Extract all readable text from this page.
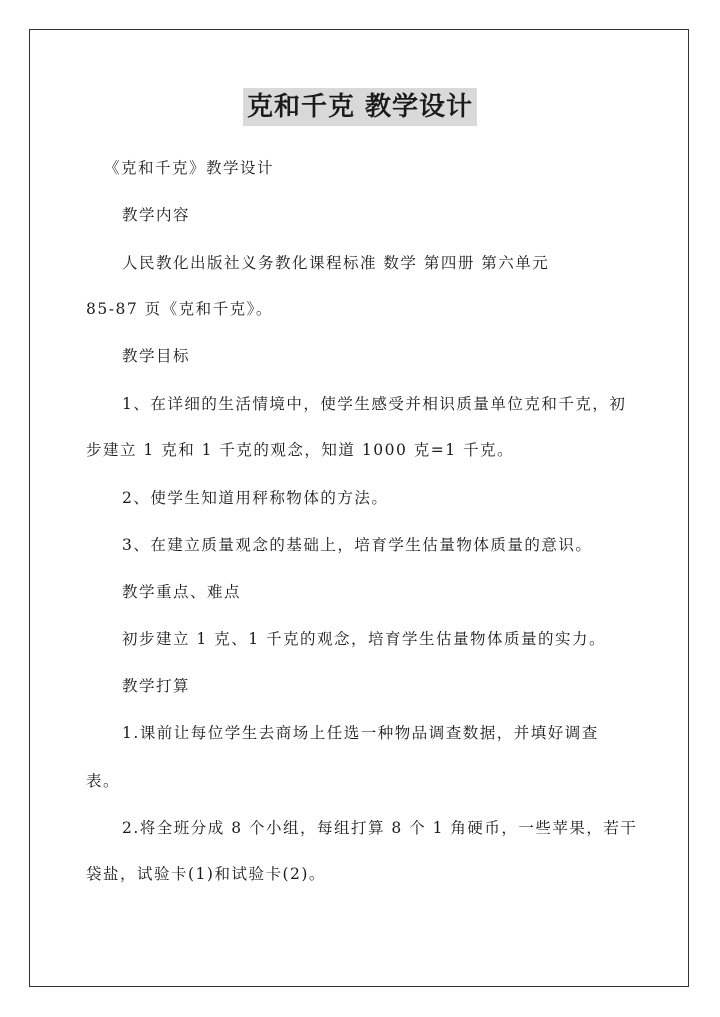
克和千克 教学设计
《克和千克》教学设计
教学内容
人民教化出版社义务教化课程标准 数学 第四册 第六单元
85-87 页《克和千克》。
教学目标
1、在详细的生活情境中，使学生感受并相识质量单位克和千克，初
步建立 1 克和 1 千克的观念，知道 1000 克=1 千克。
2、使学生知道用秤称物体的方法。
3、在建立质量观念的基础上，培育学生估量物体质量的意识。
教学重点、难点
初步建立 1 克、1 千克的观念，培育学生估量物体质量的实力。
教学打算
1.课前让每位学生去商场上任选一种物品调查数据，并填好调查
表。
2.将全班分成 8 个小组，每组打算 8 个 1 角硬币，一些苹果，若干
袋盐，试验卡(1)和试验卡(2)。
